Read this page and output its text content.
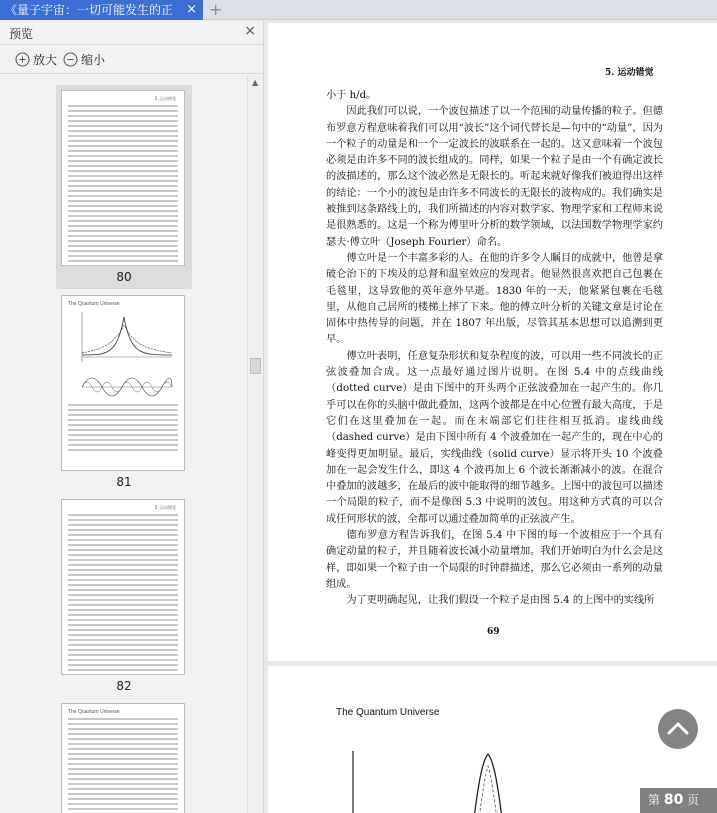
《量子宇宙：一切可能发生的正 × +
预览	×
放大 缩小
5. 运动错觉
80
The Quantum Universe
81
5. 运动错觉
82
The Quantum Universe
▲
5. 运动错觉

小于 h/d。

因此我们可以说，一个波包描述了以一个范围的动量传播的粒子。但德布罗意方程意味着我们可以用“波长”这个词代替长是—句中的“动量”，因为一个粒子的动量是和一个一定波长的波联系在一起的。这又意味着一个波包必须是由许多不同的波长组成的。同样，如果一个粒子是由一个有确定波长的波描述的，那么这个波必然是无限长的。听起来就好像我们被迫得出这样的结论：一个小的波包是由许多不同波长的无限长的波构成的。我们确实是被推到这条路线上的，我们所描述的内容对数学家、物理学家和工程师来说是很熟悉的。这是一个称为傅里叶分析的数学领域，以法国数学物理学家约瑟夫·傅立叶（Joseph Fourier）命名。

傅立叶是一个丰富多彩的人。在他的许多令人瞩目的成就中，他曾是拿破仑治下的下埃及的总督和温室效应的发现者。他显然很喜欢把自己包裹在毛毯里，这导致他的英年意外早逝。1830 年的一天，他紧紧包裹在毛毯里，从他自己居所的楼梯上摔了下来。他的傅立叶分析的关键文章是讨论在固体中热传导的问题，并在 1807 年出版，尽管其基本思想可以追溯到更早。

傅立叶表明，任意复杂形状和复杂程度的波，可以用一些不同波长的正弦波叠加合成。这一点最好通过图片说明。在图 5.4 中的点线曲线（dotted curve）是由下图中的开头两个正弦波叠加在一起产生的。你几乎可以在你的头脑中做此叠加，这两个波都是在中心位置有最大高度，于是它们在这里叠加在一起。而在末端部它们往往相互抵消。虚线曲线（dashed curve）是由下图中所有 4 个波叠加在一起产生的，现在中心的峰变得更加明显。最后，实线曲线（solid curve）显示将开头 10 个波叠加在一起会发生什么，即这 4 个波再加上 6 个波长渐渐减小的波。在混合中叠加的波越多，在最后的波中能取得的细节越多。上图中的波包可以描述一个局限的粒子，而不是像图 5.3 中说明的波包。用这种方式真的可以合成任何形状的波，全都可以通过叠加简单的正弦波产生。

德布罗意方程告诉我们，在图 5.4 中下图的每一个波相应于一个具有确定动量的粒子，并且随着波长减小动量增加。我们开始明白为什么会是这样，即如果一个粒子由一个局限的时钟群描述，那么它必须由一系列的动量组成。

为了更明确起见，让我们假设一个粒子是由图 5.4 的上图中的实线所

69
The Quantum Universe
第 80 页
